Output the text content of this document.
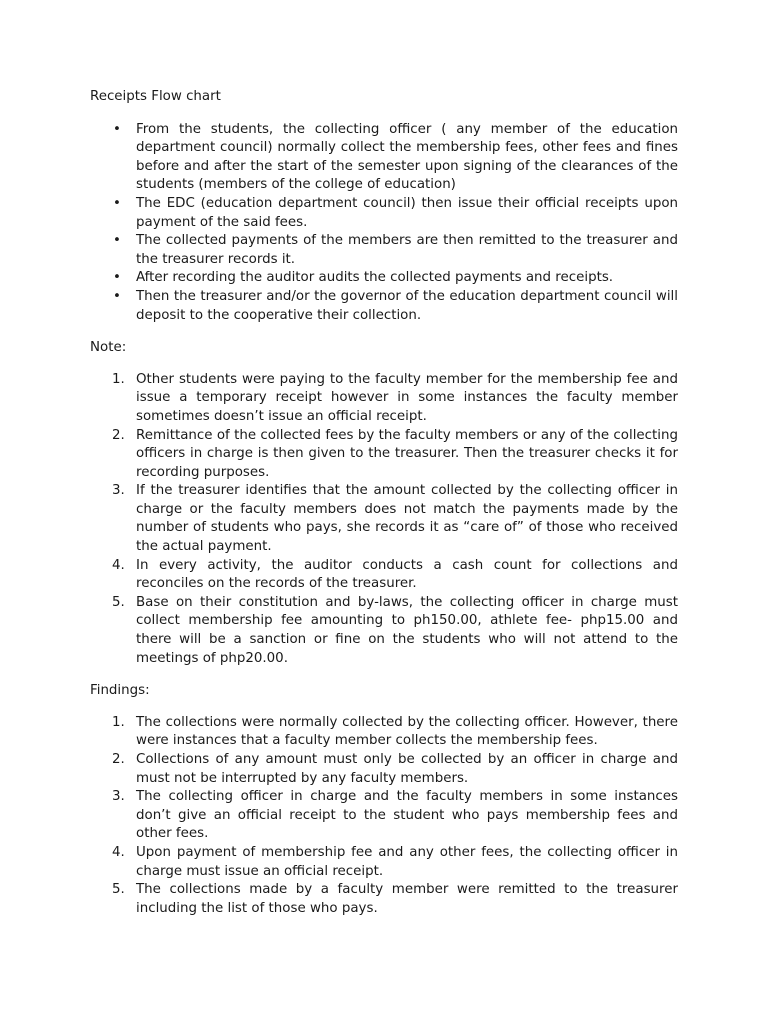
Receipts Flow chart

• From the students, the collecting officer ( any member of the education department council) normally collect the membership fees, other fees and fines before and after the start of the semester upon signing of the clearances of the students (members of the college of education)
• The EDC (education department council) then issue their official receipts upon payment of the said fees.
• The collected payments of the members are then remitted to the treasurer and the treasurer records it.
• After recording the auditor audits the collected payments and receipts.
• Then the treasurer and/or the governor of the education department council will deposit to the cooperative their collection.

Note:

1. Other students were paying to the faculty member for the membership fee and issue a temporary receipt however in some instances the faculty member sometimes doesn’t issue an official receipt.
2. Remittance of the collected fees by the faculty members or any of the collecting officers in charge is then given to the treasurer. Then the treasurer checks it for recording purposes.
3. If the treasurer identifies that the amount collected by the collecting officer in charge or the faculty members does not match the payments made by the number of students who pays, she records it as “care of” of those who received the actual payment.
4. In every activity, the auditor conducts a cash count for collections and reconciles on the records of the treasurer.
5. Base on their constitution and by-laws, the collecting officer in charge must collect membership fee amounting to ph150.00, athlete fee- php15.00 and there will be a sanction or fine on the students who will not attend to the meetings of php20.00.

Findings:

1. The collections were normally collected by the collecting officer. However, there were instances that a faculty member collects the membership fees.
2. Collections of any amount must only be collected by an officer in charge and must not be interrupted by any faculty members.
3. The collecting officer in charge and the faculty members in some instances don’t give an official receipt to the student who pays membership fees and other fees.
4. Upon payment of membership fee and any other fees, the collecting officer in charge must issue an official receipt.
5. The collections made by a faculty member were remitted to the treasurer including the list of those who pays.
